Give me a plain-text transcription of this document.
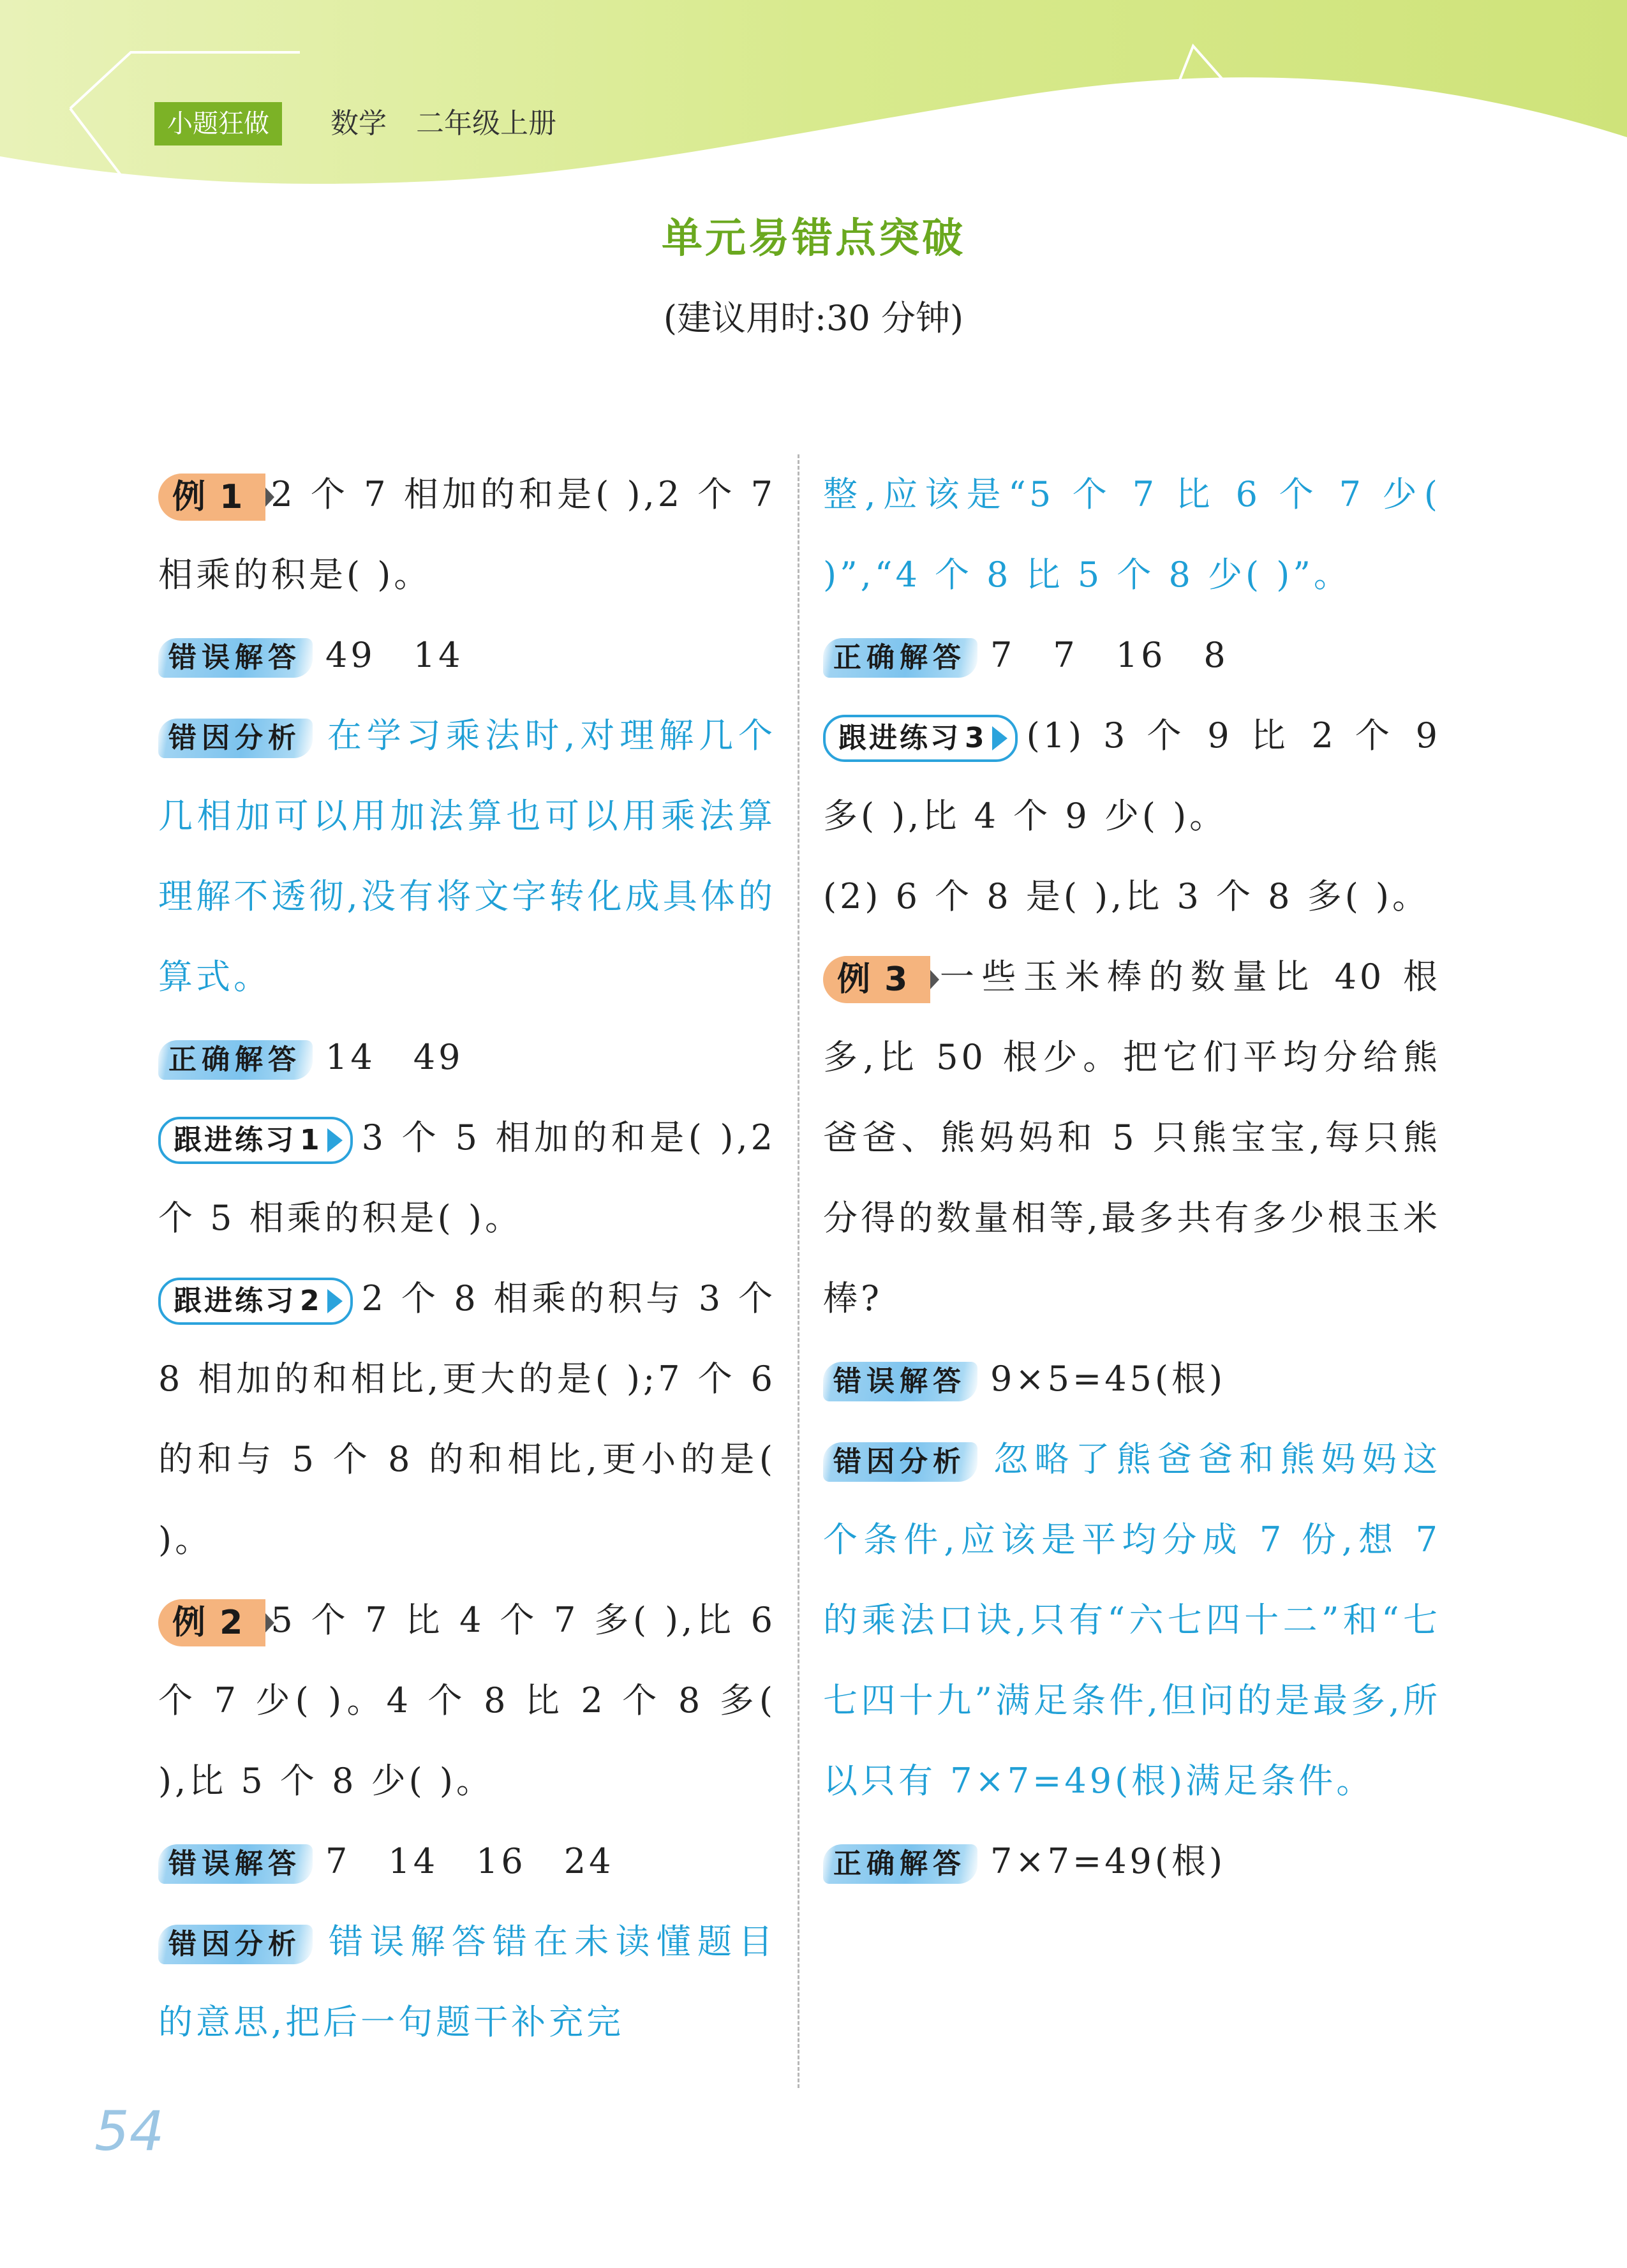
小题狂做	数学 二年级上册
单元易错点突破
(建议用时:30 分钟)

例 1 2 个 7 相加的和是( ),2 个 7 相乘的积是( )。

错误解答 49　14

错因分析 在学习乘法时,对理解几个几相加可以用加法算也可以用乘法算理解不透彻,没有将文字转化成具体的算式。

正确解答 14　49

跟进练习 1 3 个 5 相加的和是( ),2 个 5 相乘的积是( )。

跟进练习 2 2 个 8 相乘的积与 3 个 8 相加的和相比,更大的是( );7 个 6 的和与 5 个 8 的和相比,更小的是( )。

例 2 5 个 7 比 4 个 7 多( ),比 6 个 7 少( )。4 个 8 比 2 个 8 多( ),比 5 个 8 少( )。

错误解答 7　14　16　24

错因分析 错误解答错在未读懂题目的意思,把后一句题干补充完

整,应该是“5 个 7 比 6 个 7 少( )”,“4 个 8 比 5 个 8 少( )”。

正确解答 7　7　16　8

跟进练习 3 (1) 3 个 9 比 2 个 9 多( ),比 4 个 9 少( )。

(2) 6 个 8 是( ),比 3 个 8 多( )。

例 3 一些玉米棒的数量比 40 根多,比 50 根少。把它们平均分给熊爸爸、熊妈妈和 5 只熊宝宝,每只熊分得的数量相等,最多共有多少根玉米棒?

错误解答 9×5=45(根)

错因分析 忽略了熊爸爸和熊妈妈这个条件,应该是平均分成 7 份,想 7 的乘法口诀,只有“六七四十二”和“七七四十九”满足条件,但问的是最多,所以只有 7×7=49(根)满足条件。

正确解答 7×7=49(根)

54
